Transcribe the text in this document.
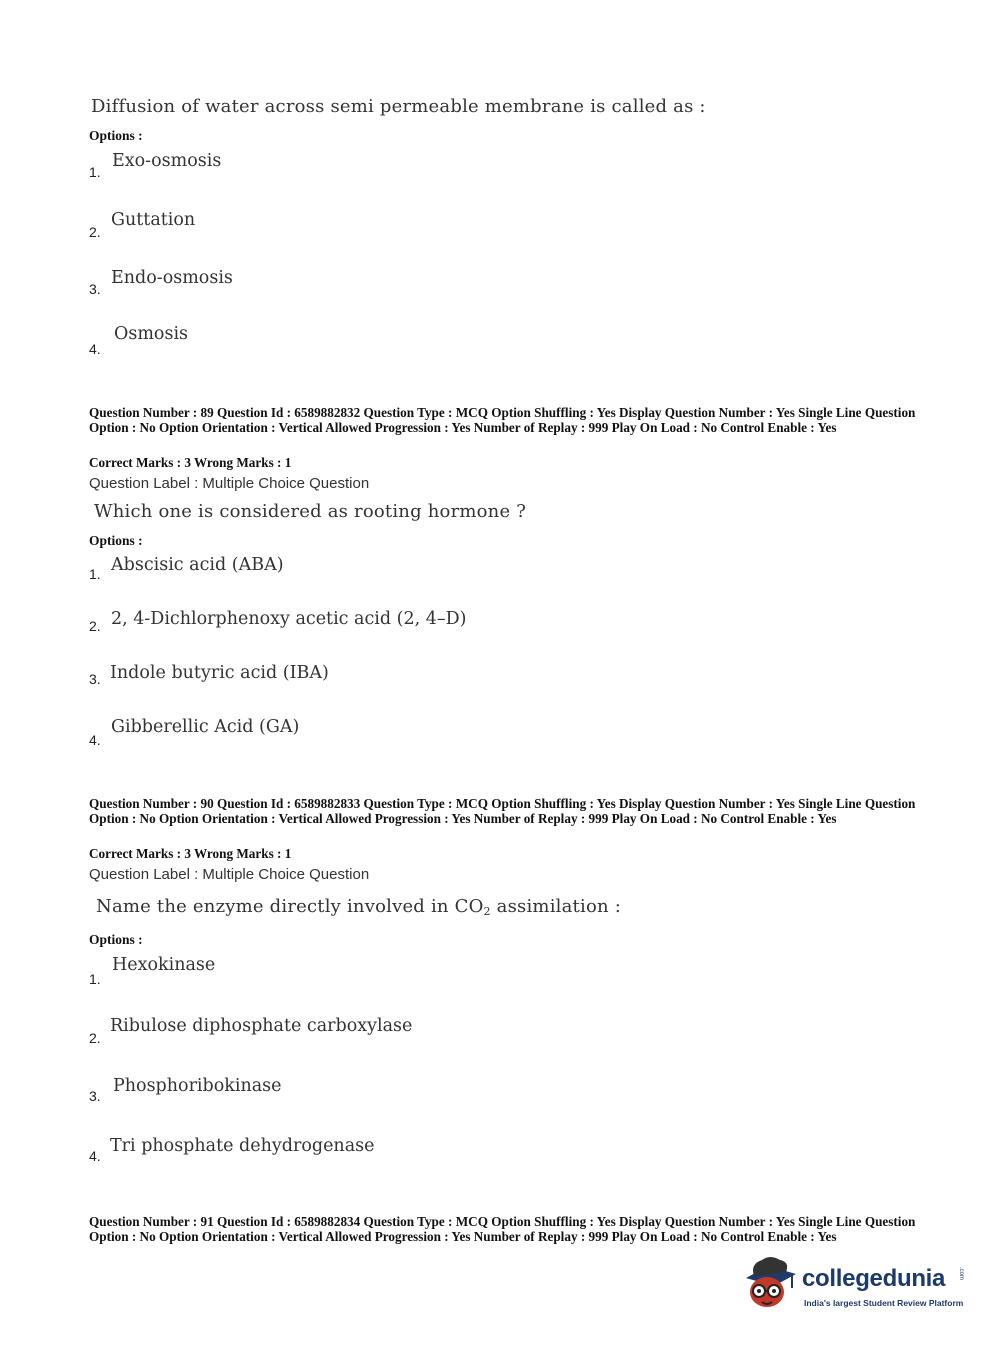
Diffusion of water across semi permeable membrane is called as :
Options :
1.
Exo-osmosis
2.
Guttation
3.
Endo-osmosis
4.
Osmosis
Question Number : 89 Question Id : 6589882832 Question Type : MCQ Option Shuffling : Yes Display Question Number : Yes Single Line Question Option : No Option Orientation : Vertical Allowed Progression : Yes Number of Replay : 999 Play On Load : No Control Enable : Yes
Correct Marks : 3 Wrong Marks : 1
Question Label : Multiple Choice Question
Which one is considered as rooting hormone ?
Options :
1. Abscisic acid (ABA)
2. 2, 4-Dichlorphenoxy acetic acid (2, 4–D)
3. Indole butyric acid (IBA)
4.
Gibberellic Acid (GA)
Question Number : 90 Question Id : 6589882833 Question Type : MCQ Option Shuffling : Yes Display Question Number : Yes Single Line Question Option : No Option Orientation : Vertical Allowed Progression : Yes Number of Replay : 999 Play On Load : No Control Enable : Yes
Correct Marks : 3 Wrong Marks : 1
Question Label : Multiple Choice Question
Name the enzyme directly involved in $CO_2$ assimilation :
Options :
1.
Hexokinase
2.
Ribulose diphosphate carboxylase
3. Phosphoribokinase
4. Tri phosphate dehydrogenase
Question Number : 91 Question Id : 6589882834 Question Type : MCQ Option Shuffling : Yes Display Question Number : Yes Single Line Question Option : No Option Orientation : Vertical Allowed Progression : Yes Number of Replay : 999 Play On Load : No Control Enable : Yes
collegedunia .com
India's largest Student Review Platform
